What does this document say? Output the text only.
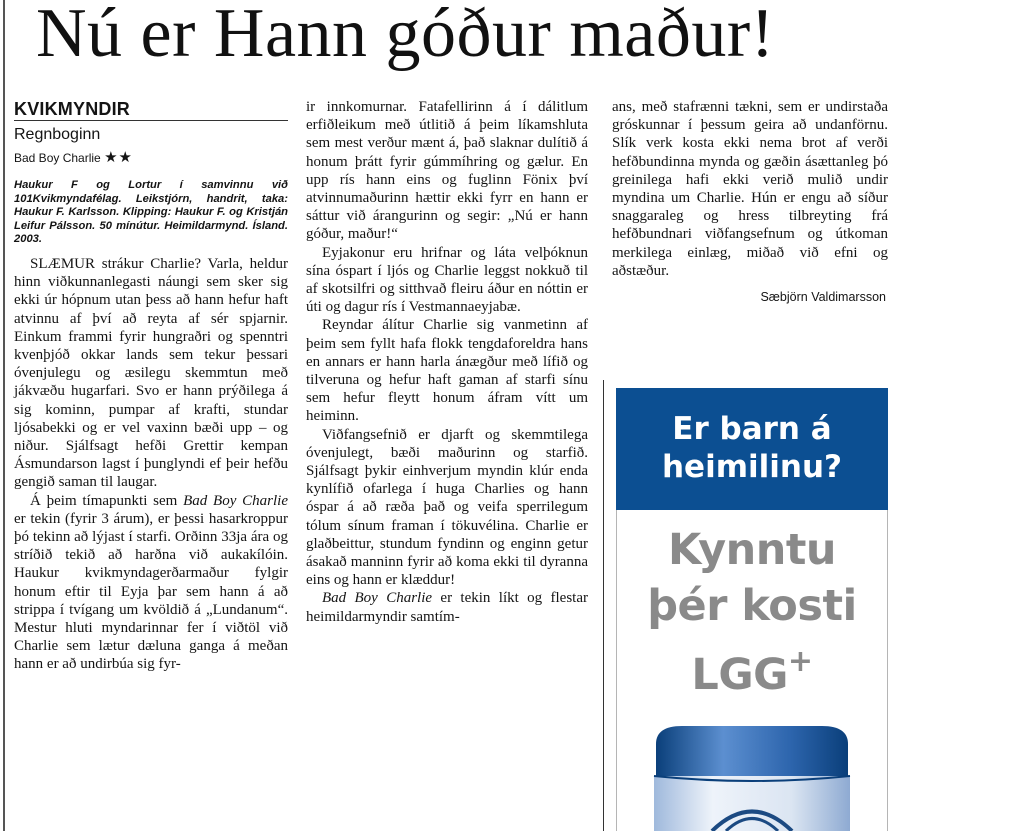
Nú er Hann góður maður!
KVIKMYNDIR
Regnboginn
Bad Boy Charlie ★★
Haukur F og Lortur í samvinnu við 101Kvikmyndafélag. Leikstjórn, handrit, taka: Haukur F. Karlsson. Klipping: Haukur F. og Kristján Leifur Pálsson. 50 mínútur. Heimildarmynd. Ísland. 2003.

SLÆMUR strákur Charlie? Varla, heldur hinn viðkunnanlegasti náungi sem sker sig ekki úr hópnum utan þess að hann hefur haft atvinnu af því að reyta af sér spjarnir. Einkum frammi fyrir hungraðri og spenntri kvenþjóð okkar lands sem tekur þessari óvenjulegu og æsilegu skemmtun með jákvæðu hugarfari. Svo er hann prýðilega á sig kominn, pumpar af krafti, stundar ljósabekki og er vel vaxinn bæði upp – og niður. Sjálfsagt hefði Grettir kempan Ásmundarson lagst í þunglyndi ef þeir hefðu gengið saman til laugar.

Á þeim tímapunkti sem Bad Boy Charlie er tekin (fyrir 3 árum), er þessi hasarkroppur þó tekinn að lýjast í starfi. Orðinn 33ja ára og stríðið tekið að harðna við aukakílóin. Haukur kvikmyndagerðarmaður fylgir honum eftir til Eyja þar sem hann á að strippa í tvígang um kvöldið á „Lundanum“. Mestur hluti myndarinnar fer í viðtöl við Charlie sem lætur dæluna ganga á meðan hann er að undirbúa sig fyr-

ir innkomurnar. Fatafellirinn á í dálitlum erfiðleikum með útlitið á þeim líkamshluta sem mest verður mænt á, það slaknar dulítið á honum þrátt fyrir gúmmíhring og gælur. En upp rís hann eins og fuglinn Fönix því atvinnumaðurinn hættir ekki fyrr en hann er sáttur við árangurinn og segir: „Nú er hann góður, maður!“

Eyjakonur eru hrifnar og láta velþóknun sína óspart í ljós og Charlie leggst nokkuð til af skotsilfri og sitthvað fleiru áður en nóttin er úti og dagur rís í Vestmannaeyjabæ.

Reyndar álítur Charlie sig vanmetinn af þeim sem fyllt hafa flokk tengdaforeldra hans en annars er hann harla ánægður með lífið og tilveruna og hefur haft gaman af starfi sínu sem hefur fleytt honum áfram vítt um heiminn.

Viðfangsefnið er djarft og skemmtilega óvenjulegt, bæði maðurinn og starfið. Sjálfsagt þykir einhverjum myndin klúr enda kynlífið ofarlega í huga Charlies og hann óspar á að ræða það og veifa sperrilegum tólum sínum framan í tökuvélina. Charlie er glaðbeittur, stundum fyndinn og enginn getur ásakað manninn fyrir að koma ekki til dyranna eins og hann er klæddur!

Bad Boy Charlie er tekin líkt og flestar heimildarmyndir samtím-

ans, með stafrænni tækni, sem er undirstaða gróskunnar í þessum geira að undanförnu. Slík verk kosta ekki nema brot af verði hefðbundinna mynda og gæðin ásættanleg þó greinilega hafi ekki verið mulið undir myndina um Charlie. Hún er engu að síður snaggaraleg og hress tilbreyting frá hefðbundnari viðfangsefnum og útkoman merkilega einlæg, miðað við efni og aðstæður.

Sæbjörn Valdimarsson
Er barn á
heimilinu?
Kynntu
þér kosti
LGG+
